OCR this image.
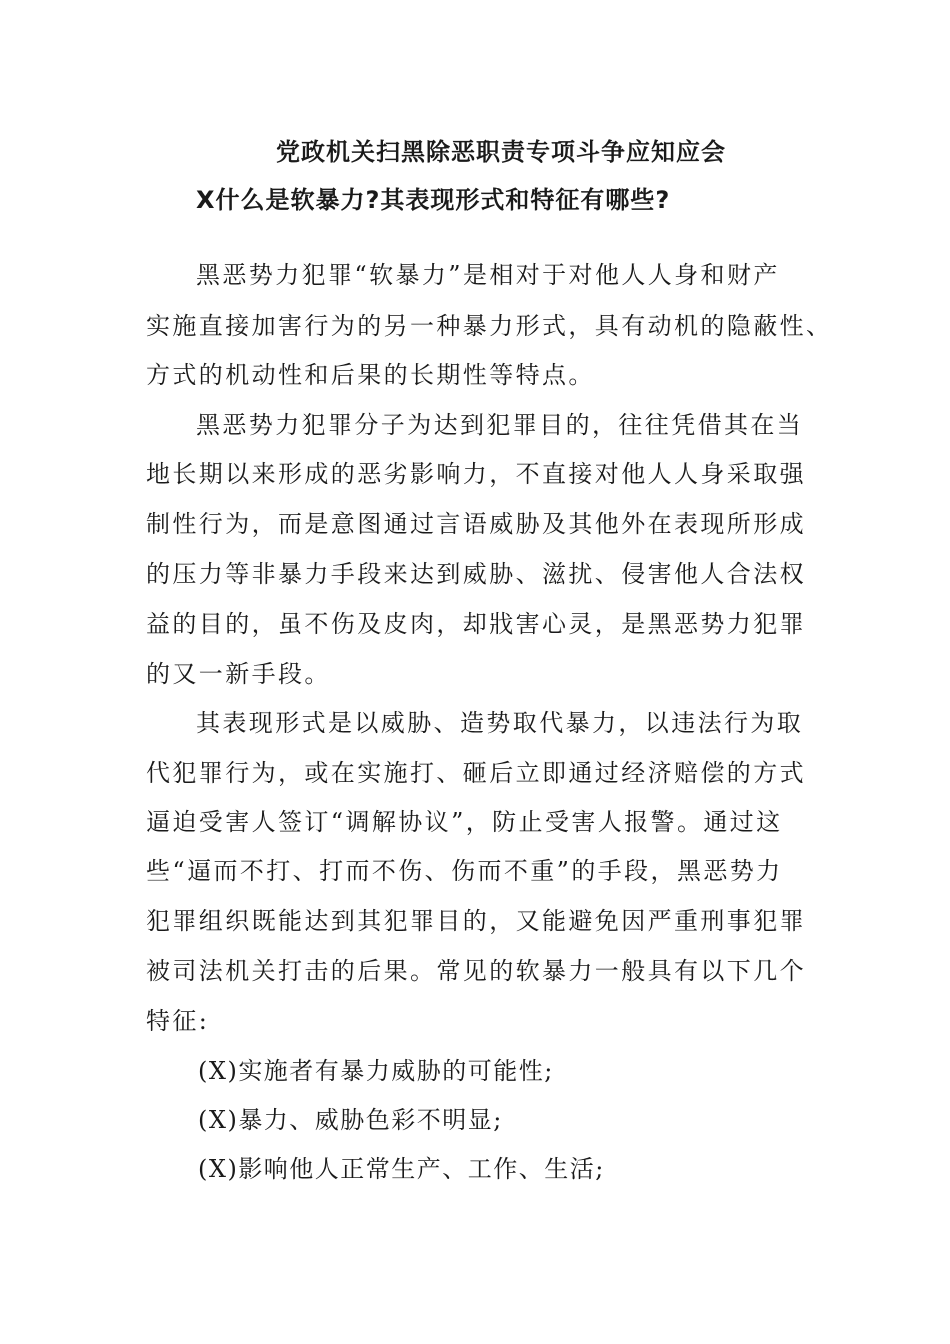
党政机关扫黑除恶职责专项斗争应知应会
X什么是软暴力?其表现形式和特征有哪些?
黑恶势力犯罪“软暴力”是相对于对他人人身和财产
实施直接加害行为的另一种暴力形式，具有动机的隐蔽性、
方式的机动性和后果的长期性等特点。
黑恶势力犯罪分子为达到犯罪目的，往往凭借其在当
地长期以来形成的恶劣影响力，不直接对他人人身采取强
制性行为，而是意图通过言语威胁及其他外在表现所形成
的压力等非暴力手段来达到威胁、滋扰、侵害他人合法权
益的目的，虽不伤及皮肉，却戕害心灵，是黑恶势力犯罪
的又一新手段。
其表现形式是以威胁、造势取代暴力，以违法行为取
代犯罪行为，或在实施打、砸后立即通过经济赔偿的方式
逼迫受害人签订“调解协议”，防止受害人报警。通过这
些“逼而不打、打而不伤、伤而不重”的手段，黑恶势力
犯罪组织既能达到其犯罪目的，又能避免因严重刑事犯罪
被司法机关打击的后果。常见的软暴力一般具有以下几个
特征:
(X)实施者有暴力威胁的可能性;
(X)暴力、威胁色彩不明显;
(X)影响他人正常生产、工作、生活;
